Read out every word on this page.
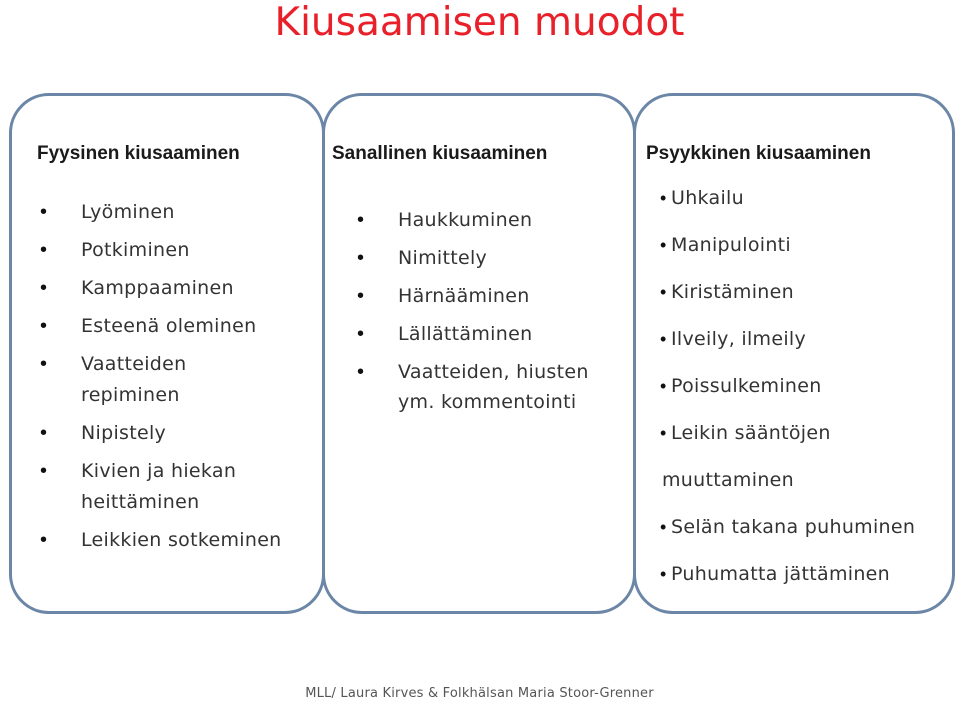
Kiusaamisen muodot
Fyysinen kiusaaminen	Sanallinen kiusaaminen	Psyykkinen kiusaaminen
• Lyöminen
• Potkiminen
• Kamppaaminen
• Esteenä oleminen
• Vaatteiden repiminen
• Nipistely
• Kivien ja hiekan heittäminen
• Leikkien sotkeminen
• Haukkuminen
• Nimittely
• Härnääminen
• Lällättäminen
• Vaatteiden, hiusten ym. kommentointi
• Uhkailu
• Manipulointi
• Kiristäminen
• Ilveily, ilmeily
• Poissulkeminen
• Leikin sääntöjen
muuttaminen
• Selän takana puhuminen
• Puhumatta jättäminen
MLL/ Laura Kirves & Folkhälsan Maria Stoor-Grenner
